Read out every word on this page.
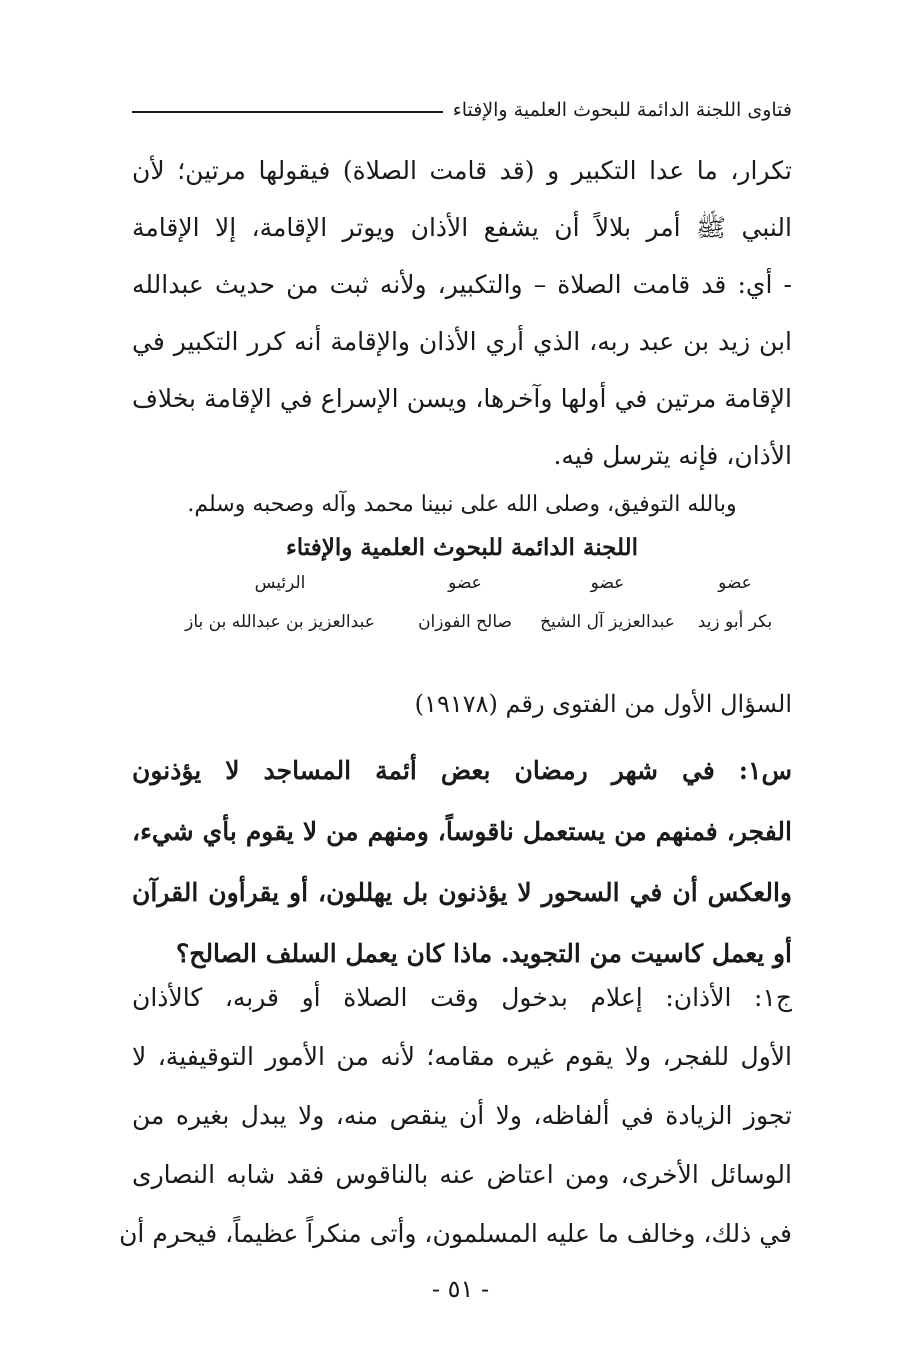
فتاوى اللجنة الدائمة للبحوث العلمية والإفتاء
تكرار، ما عدا التكبير و (قد قامت الصلاة) فيقولها مرتين؛ لأن
النبي ﷺ أمر بلالاً أن يشفع الأذان ويوتر الإقامة، إلا الإقامة
- أي: قد قامت الصلاة – والتكبير، ولأنه ثبت من حديث عبدالله
ابن زيد بن عبد ربه، الذي أري الأذان والإقامة أنه كرر التكبير في
الإقامة مرتين في أولها وآخرها، ويسن الإسراع في الإقامة بخلاف
الأذان، فإنه يترسل فيه.
وبالله التوفيق، وصلى الله على نبينا محمد وآله وصحبه وسلم.
اللجنة الدائمة للبحوث العلمية والإفتاء
عضو
عضو
عضو
الرئيس
بكر أبو زيد
عبدالعزيز آل الشيخ
صالح الفوزان
عبدالعزيز بن عبدالله بن باز
السؤال الأول من الفتوى رقم (١٩١٧٨)
س١: في شهر رمضان بعض أئمة المساجد لا يؤذنون
الفجر، فمنهم من يستعمل ناقوساً، ومنهم من لا يقوم بأي شيء،
والعكس أن في السحور لا يؤذنون بل يهللون، أو يقرأون القرآن
أو يعمل كاسيت من التجويد. ماذا كان يعمل السلف الصالح؟
ج١: الأذان: إعلام بدخول وقت الصلاة أو قربه، كالأذان
الأول للفجر، ولا يقوم غيره مقامه؛ لأنه من الأمور التوقيفية، لا
تجوز الزيادة في ألفاظه، ولا أن ينقص منه، ولا يبدل بغيره من
الوسائل الأخرى، ومن اعتاض عنه بالناقوس فقد شابه النصارى
في ذلك، وخالف ما عليه المسلمون، وأتى منكراً عظيماً، فيحرم أن
- ٥١ -
